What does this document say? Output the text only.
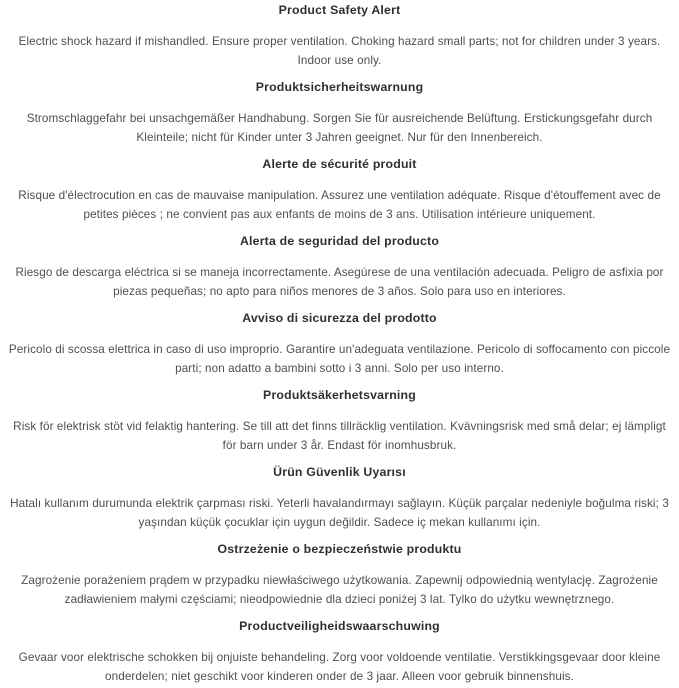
Product Safety Alert

Electric shock hazard if mishandled. Ensure proper ventilation. Choking hazard small parts; not for children under 3 years. Indoor use only.

Produktsicherheitswarnung

Stromschlaggefahr bei unsachgemäßer Handhabung. Sorgen Sie für ausreichende Belüftung. Erstickungsgefahr durch Kleinteile; nicht für Kinder unter 3 Jahren geeignet. Nur für den Innenbereich.

Alerte de sécurité produit

Risque d'électrocution en cas de mauvaise manipulation. Assurez une ventilation adéquate. Risque d'étouffement avec de petites pièces ; ne convient pas aux enfants de moins de 3 ans. Utilisation intérieure uniquement.

Alerta de seguridad del producto

Riesgo de descarga eléctrica si se maneja incorrectamente. Asegúrese de una ventilación adecuada. Peligro de asfixia por piezas pequeñas; no apto para niños menores de 3 años. Solo para uso en interiores.

Avviso di sicurezza del prodotto

Pericolo di scossa elettrica in caso di uso improprio. Garantire un'adeguata ventilazione. Pericolo di soffocamento con piccole parti; non adatto a bambini sotto i 3 anni. Solo per uso interno.

Produktsäkerhetsvarning

Risk för elektrisk stöt vid felaktig hantering. Se till att det finns tillräcklig ventilation. Kvävningsrisk med små delar; ej lämpligt för barn under 3 år. Endast för inomhusbruk.

Ürün Güvenlik Uyarısı

Hatalı kullanım durumunda elektrik çarpması riski. Yeterli havalandırmayı sağlayın. Küçük parçalar nedeniyle boğulma riski; 3 yaşından küçük çocuklar için uygun değildir. Sadece iç mekan kullanımı için.

Ostrzeżenie o bezpieczeństwie produktu

Zagrożenie porażeniem prądem w przypadku niewłaściwego użytkowania. Zapewnij odpowiednią wentylację. Zagrożenie zadławieniem małymi częściami; nieodpowiednie dla dzieci poniżej 3 lat. Tylko do użytku wewnętrznego.

Productveiligheidswaarschuwing

Gevaar voor elektrische schokken bij onjuiste behandeling. Zorg voor voldoende ventilatie. Verstikkingsgevaar door kleine onderdelen; niet geschikt voor kinderen onder de 3 jaar. Alleen voor gebruik binnenshuis.
